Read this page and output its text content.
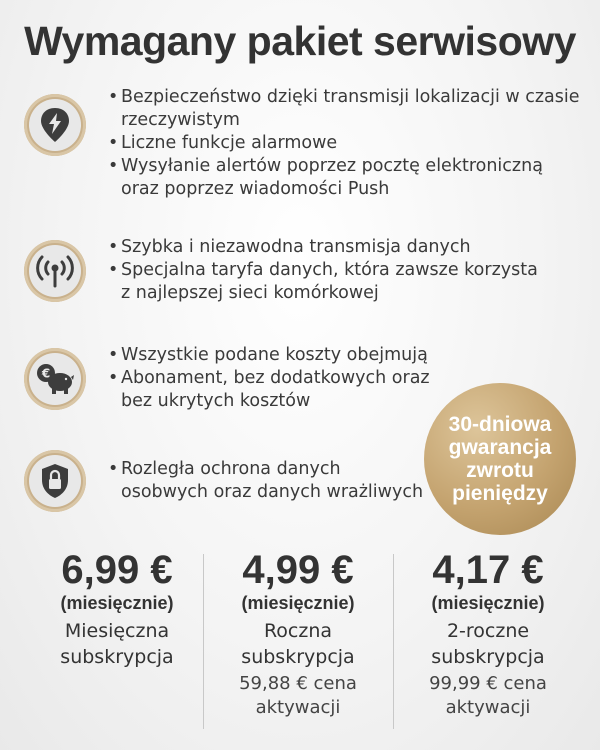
Wymagany pakiet serwisowy
• Bezpieczeństwo dzięki transmisji lokalizacji w czasie rzeczywistym
• Liczne funkcje alarmowe
• Wysyłanie alertów poprzez pocztę elektroniczną oraz poprzez wiadomości Push
• Szybka i niezawodna transmisja danych
• Specjalna taryfa danych, która zawsze korzysta z najlepszej sieci komórkowej
€
• Wszystkie podane koszty obejmują
• Abonament, bez dodatkowych oraz bez ukrytych kosztów
• Rozległa ochrona danych osobwych oraz danych wrażliwych
30-dniowa gwarancja zwrotu pieniędzy
6,99 €
(miesięcznie)
Miesięczna subskrypcja
4,99 €
(miesięcznie)
Roczna subskrypcja
59,88 € cena aktywacji
4,17 €
(miesięcznie)
2-roczne subskrypcja
99,99 € cena aktywacji
